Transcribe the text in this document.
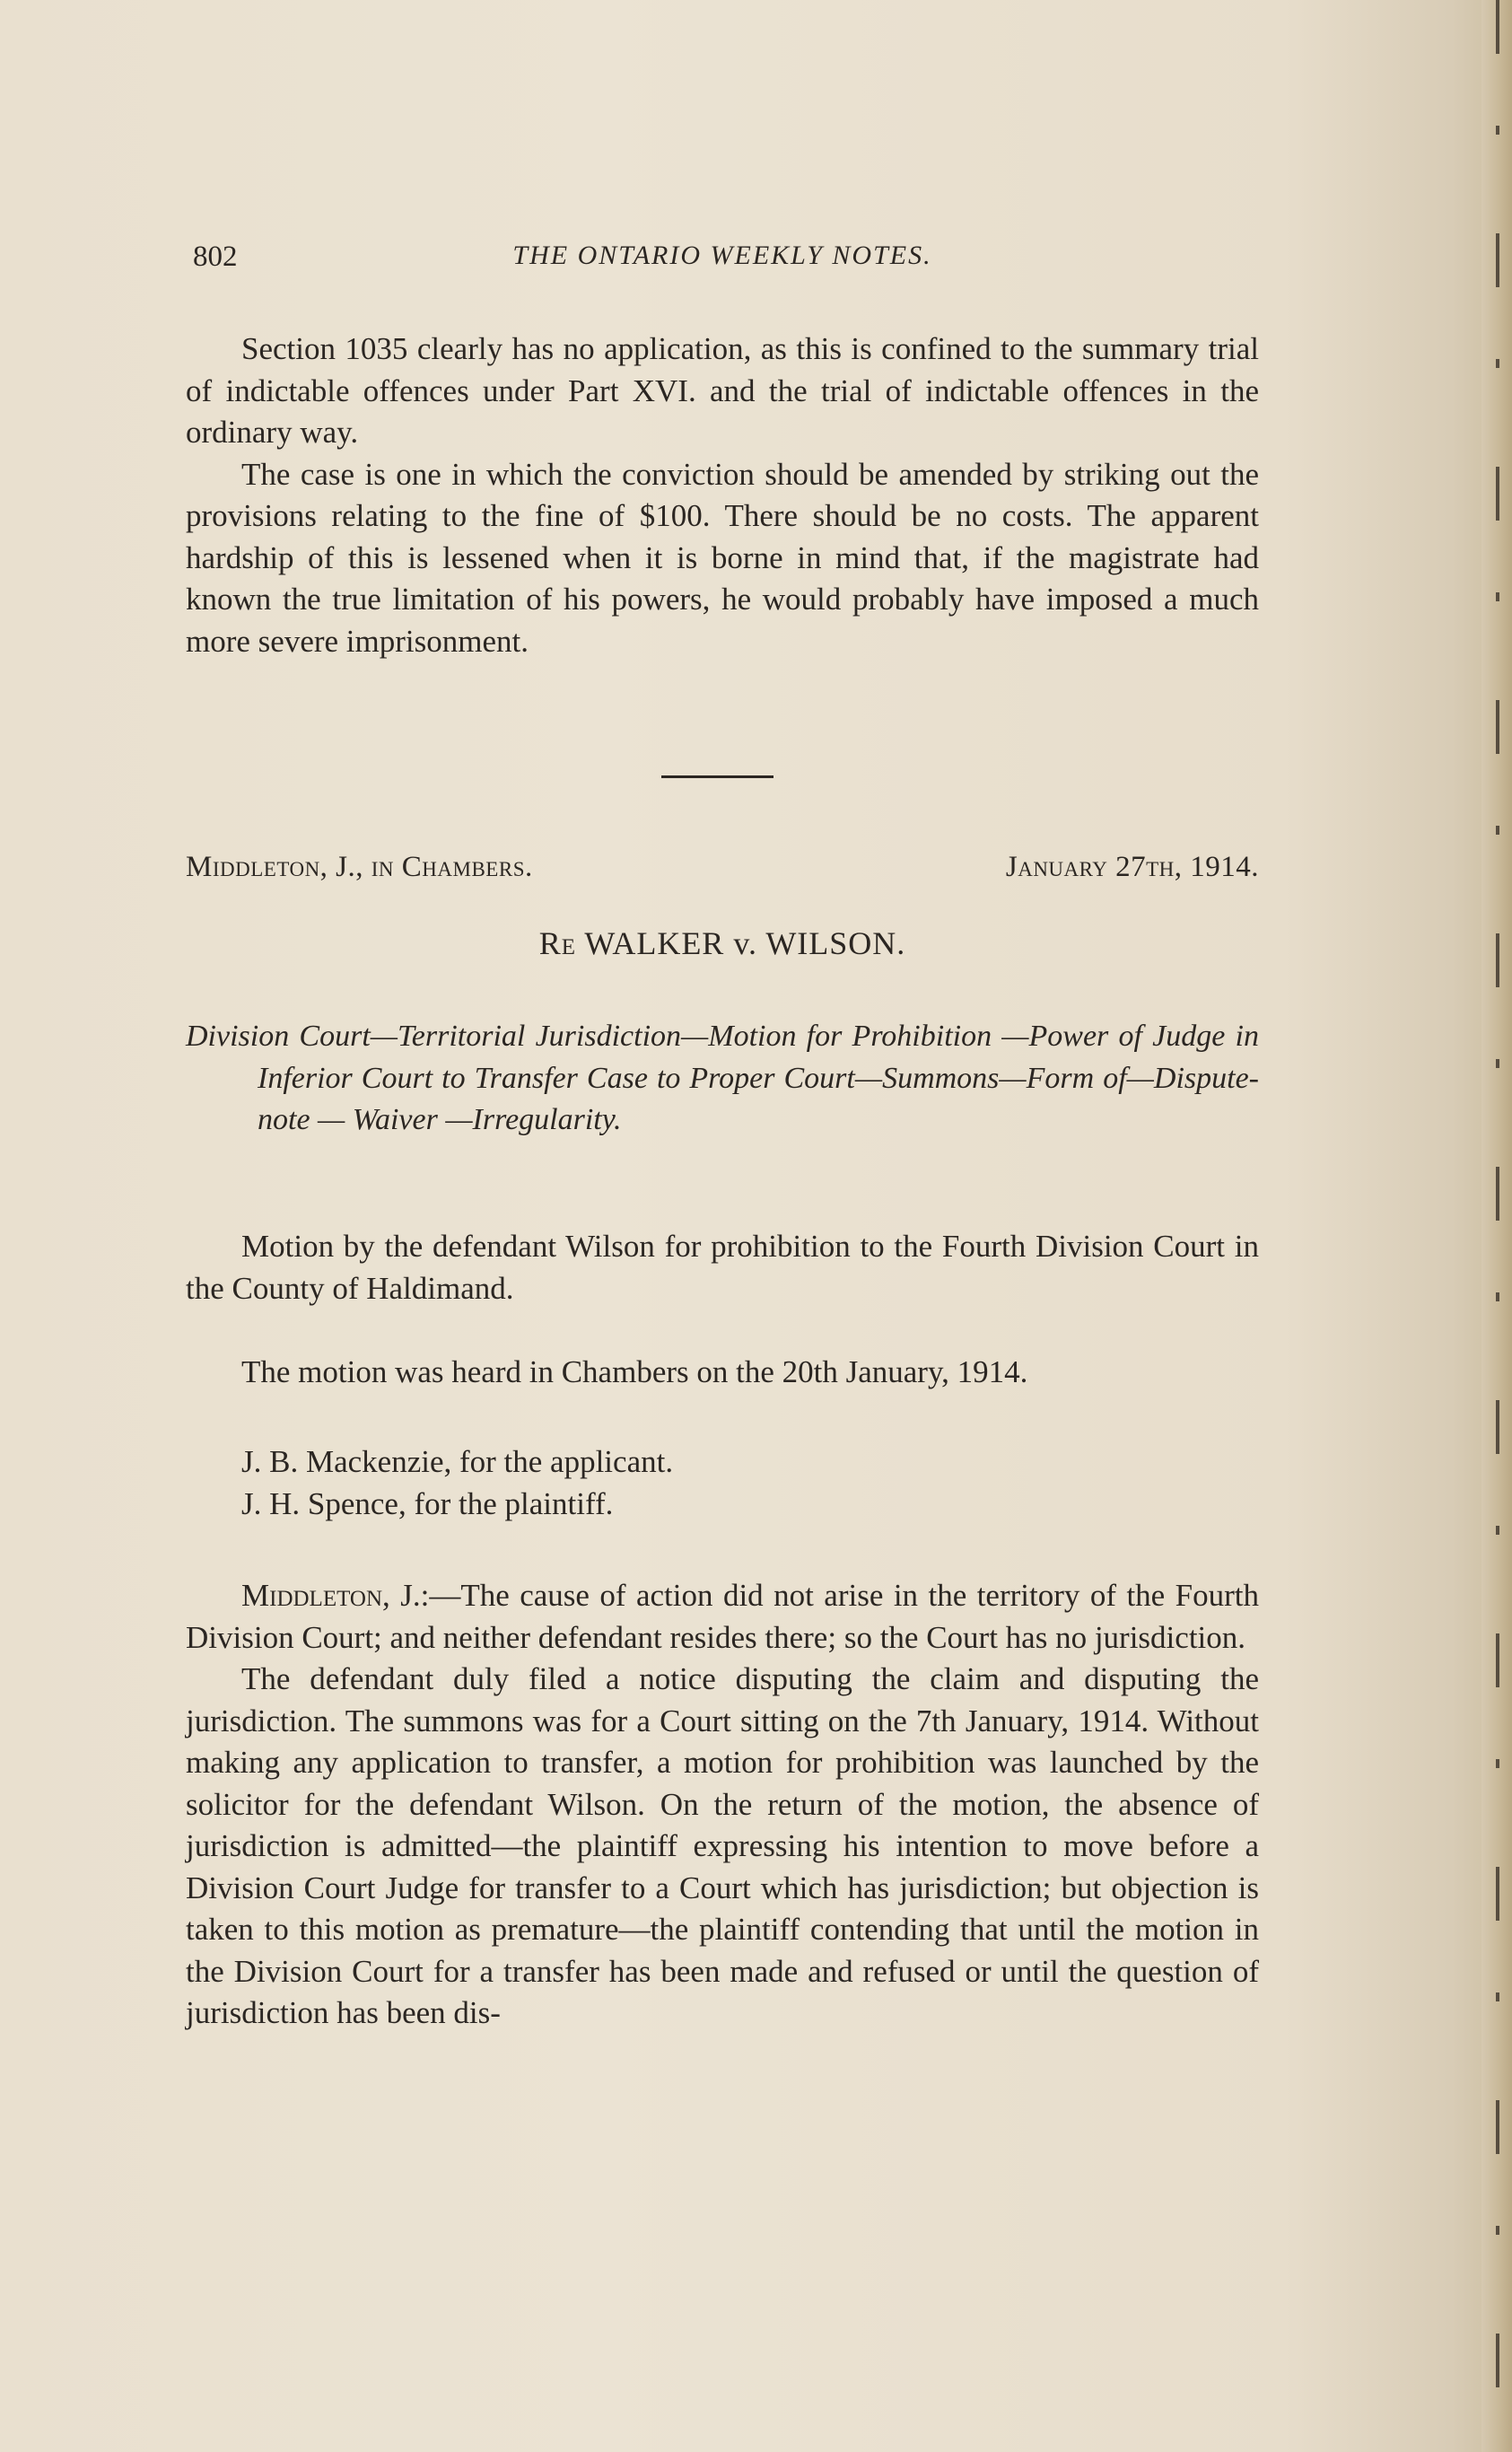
802	THE ONTARIO WEEKLY NOTES.

Section 1035 clearly has no application, as this is confined to the summary trial of indictable offences under Part XVI. and the trial of indictable offences in the ordinary way.

The case is one in which the conviction should be amended by striking out the provisions relating to the fine of $100. There should be no costs. The apparent hardship of this is lessened when it is borne in mind that, if the magistrate had known the true limitation of his powers, he would probably have imposed a much more severe imprisonment.

Middleton, J., in Chambers.	January 27th, 1914.
Re WALKER v. WILSON.
Division Court—Territorial Jurisdiction—Motion for Prohibition —Power of Judge in Inferior Court to Transfer Case to Proper Court—Summons—Form of—Dispute-note — Waiver —Irregularity.

Motion by the defendant Wilson for prohibition to the Fourth Division Court in the County of Haldimand.

The motion was heard in Chambers on the 20th January, 1914.

J. B. Mackenzie, for the applicant.
J. H. Spence, for the plaintiff.

Middleton, J.:—The cause of action did not arise in the territory of the Fourth Division Court; and neither defendant resides there; so the Court has no jurisdiction.

The defendant duly filed a notice disputing the claim and disputing the jurisdiction. The summons was for a Court sitting on the 7th January, 1914. Without making any application to transfer, a motion for prohibition was launched by the solicitor for the defendant Wilson. On the return of the motion, the absence of jurisdiction is admitted—the plaintiff expressing his intention to move before a Division Court Judge for transfer to a Court which has jurisdiction; but objection is taken to this motion as premature—the plaintiff contending that until the motion in the Division Court for a transfer has been made and refused or until the question of jurisdiction has been dis-
